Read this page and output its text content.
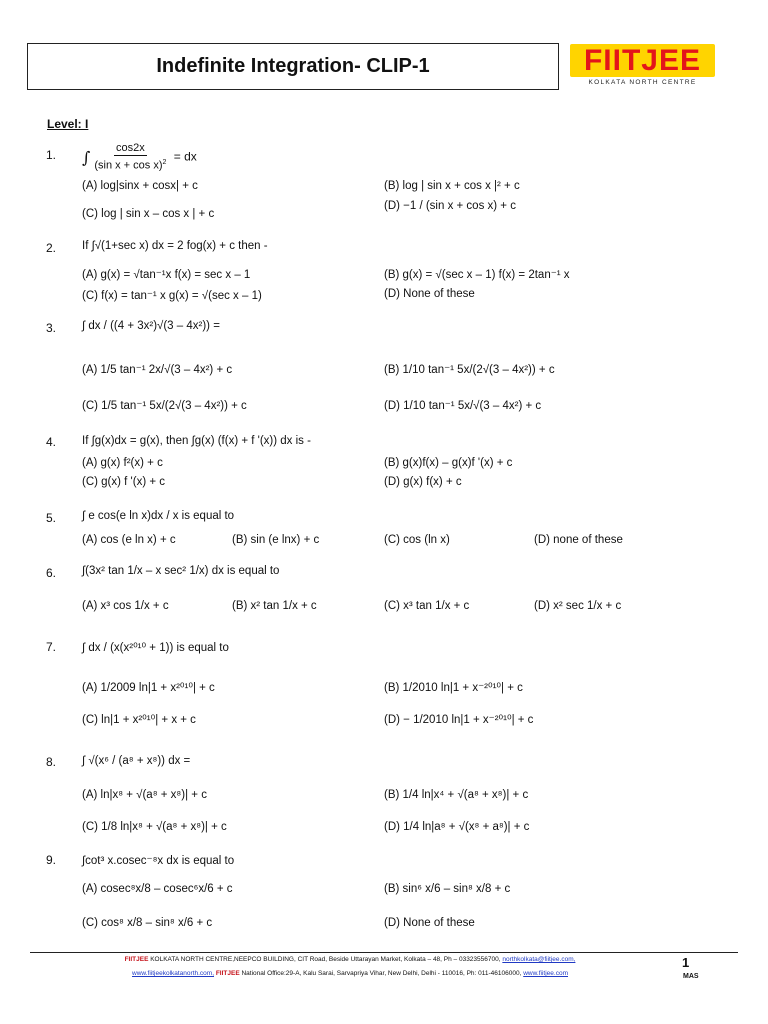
Indefinite Integration- CLIP-1	FIITJEE
KOLKATA NORTH CENTRE
Level: I
1. ∫ $\frac{\cos 2x}{(\sin x + \cos x)^2}$ = dx
(A) log|sinx + cosx| + c	(B) log | sin x + cos x |² + c
(C) log | sin x – cos x | + c
(D) −1 / (sin x + cos x) + c
2. If ∫√(1+sec x) dx = 2 fog(x) + c then -
(A) g(x) = √tan⁻¹x f(x) = sec x – 1	(B) g(x) = √(sec x – 1) f(x) = 2tan⁻¹ x
(C) f(x) = tan⁻¹ x g(x) = √(sec x – 1)	(D) None of these
3. ∫ dx / ((4 + 3x²)√(3 – 4x²)) =
(A) 1/5 tan⁻¹ 2x/√(3 – 4x²) + c	(B) 1/10 tan⁻¹ 5x/(2√(3 – 4x²)) + c
(C) 1/5 tan⁻¹ 5x/(2√(3 – 4x²)) + c	(D) 1/10 tan⁻¹ 5x/√(3 – 4x²) + c
4. If ∫g(x)dx = g(x), then ∫g(x) (f(x) + f '(x)) dx is -
(A) g(x) f²(x) + c	(B) g(x)f(x) – g(x)f '(x) + c
(C) g(x) f '(x) + c	(D) g(x) f(x) + c
5. ∫ e cos(e ln x)dx / x is equal to
(A) cos (e ln x) + c	(B) sin (e lnx) + c	(C) cos (ln x)	(D) none of these
6. ∫(3x² tan 1/x – x sec² 1/x) dx is equal to
(A) x³ cos 1/x + c	(B) x² tan 1/x + c	(C) x³ tan 1/x + c	(D) x² sec 1/x + c
7. ∫ dx / (x(x²⁰¹⁰ + 1)) is equal to
(A) 1/2009 ln|1 + x²⁰¹⁰| + c	(B) 1/2010 ln|1 + x⁻²⁰¹⁰| + c
(C) ln|1 + x²⁰¹⁰| + x + c	(D) − 1/2010 ln|1 + x⁻²⁰¹⁰| + c
8. ∫ √(x⁶ / (a⁸ + x⁸)) dx =
(A) ln|x⁸ + √(a⁸ + x⁸)| + c	(B) 1/4 ln|x⁴ + √(a⁸ + x⁸)| + c
(C) 1/8 ln|x⁸ + √(a⁸ + x⁸)| + c	(D) 1/4 ln|a⁸ + √(x⁸ + a⁸)| + c
9. ∫cot³ x.cosec⁻⁸x dx is equal to
(A) cosec⁸x/8 – cosec⁶x/6 + c	(B) sin⁶ x/6 – sin⁸ x/8 + c
(C) cos⁸ x/8 – sin⁸ x/6 + c	(D) None of these
FIITJEE KOLKATA NORTH CENTRE,NEEPCO BUILDING, CIT Road, Beside Uttarayan Market, Kolkata – 48, Ph – 03323556700, northkolkata@fiitjee.com,
www.fiitjeekolkatanorth.com, FIITJEE National Office:29-A, Kalu Sarai, Sarvapriya Vihar, New Delhi, Delhi - 110016, Ph: 011-46106000, www.fiitjee.com
1
MAS
